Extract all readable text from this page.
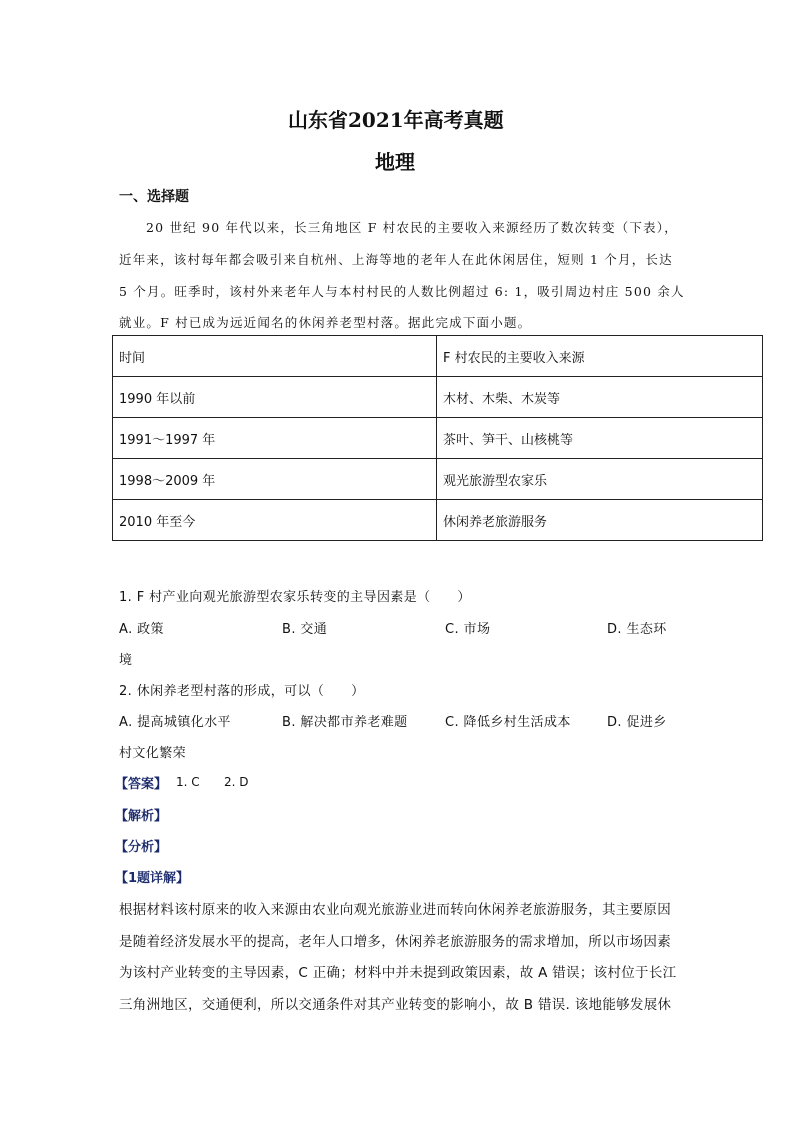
山东省2021年高考真题
地理
一、选择题
20 世纪 90 年代以来，长三角地区 F 村农民的主要收入来源经历了数次转变（下表），
近年来，该村每年都会吸引来自杭州、上海等地的老年人在此休闲居住，短则 1 个月，长达
5 个月。旺季时，该村外来老年人与本村村民的人数比例超过 6: 1，吸引周边村庄 500 余人
就业。F 村已成为远近闻名的休闲养老型村落。据此完成下面小题。
时间	F 村农民的主要收入来源
1990 年以前	木材、木柴、木炭等
1991～1997 年	茶叶、笋干、山核桃等
1998～2009 年	观光旅游型农家乐
2010 年至今	休闲养老旅游服务
1. F 村产业向观光旅游型农家乐转变的主导因素是（　　）
A. 政策	B. 交通	C. 市场	D. 生态环
境
2. 休闲养老型村落的形成，可以（　　）
A. 提高城镇化水平	B. 解决都市养老难题	C. 降低乡村生活成本	D. 促进乡
村文化繁荣
【答案】 1. C 2. D
【解析】
【分析】
【1题详解】
根据材料该村原来的收入来源由农业向观光旅游业进而转向休闲养老旅游服务，其主要原因
是随着经济发展水平的提高，老年人口增多，休闲养老旅游服务的需求增加，所以市场因素
为该村产业转变的主导因素，C 正确；材料中并未提到政策因素，故 A 错误；该村位于长江
三角洲地区，交通便利，所以交通条件对其产业转变的影响小，故 B 错误. 该地能够发展休
